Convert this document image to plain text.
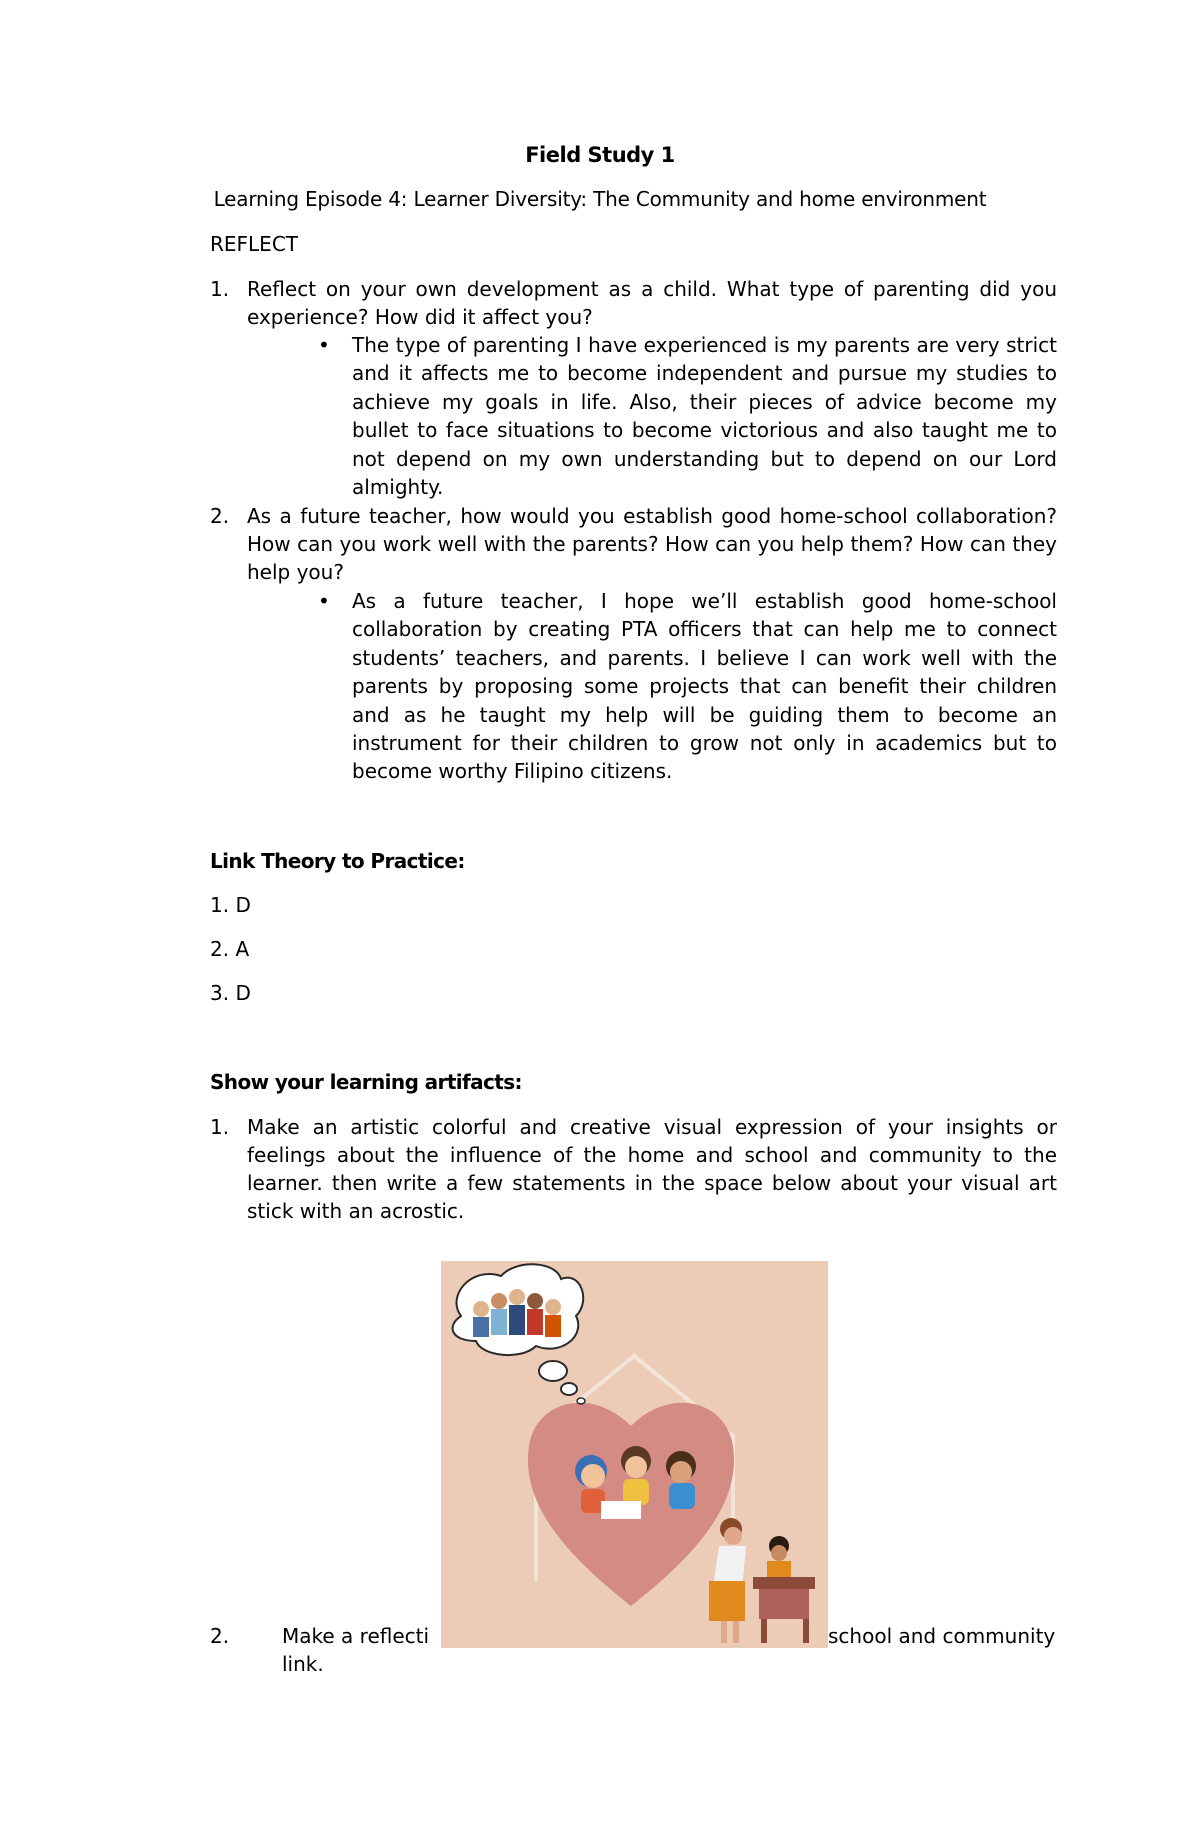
Field Study 1
Learning Episode 4: Learner Diversity: The Community and home environment
REFLECT
1. Reflect on your own development as a child. What type of parenting did you experience? How did it affect you?
• The type of parenting I have experienced is my parents are very strict and it affects me to become independent and pursue my studies to achieve my goals in life. Also, their pieces of advice become my bullet to face situations to become victorious and also taught me to not depend on my own understanding but to depend on our Lord almighty.
2. As a future teacher, how would you establish good home-school collaboration? How can you work well with the parents? How can you help them? How can they help you?
• As a future teacher, I hope we’ll establish good home-school collaboration by creating PTA officers that can help me to connect students’ teachers, and parents. I believe I can work well with the parents by proposing some projects that can benefit their children and as he taught my help will be guiding them to become an instrument for their children to grow not only in academics but to become worthy Filipino citizens.
Link Theory to Practice:
1. D
2. A
3. D
Show your learning artifacts:
1. Make an artistic colorful and creative visual expression of your insights or feelings about the influence of the home and school and community to the learner. then write a few statements in the space below about your visual art stick with an acrostic.
2.	Make a reflecti	school and community
link.
